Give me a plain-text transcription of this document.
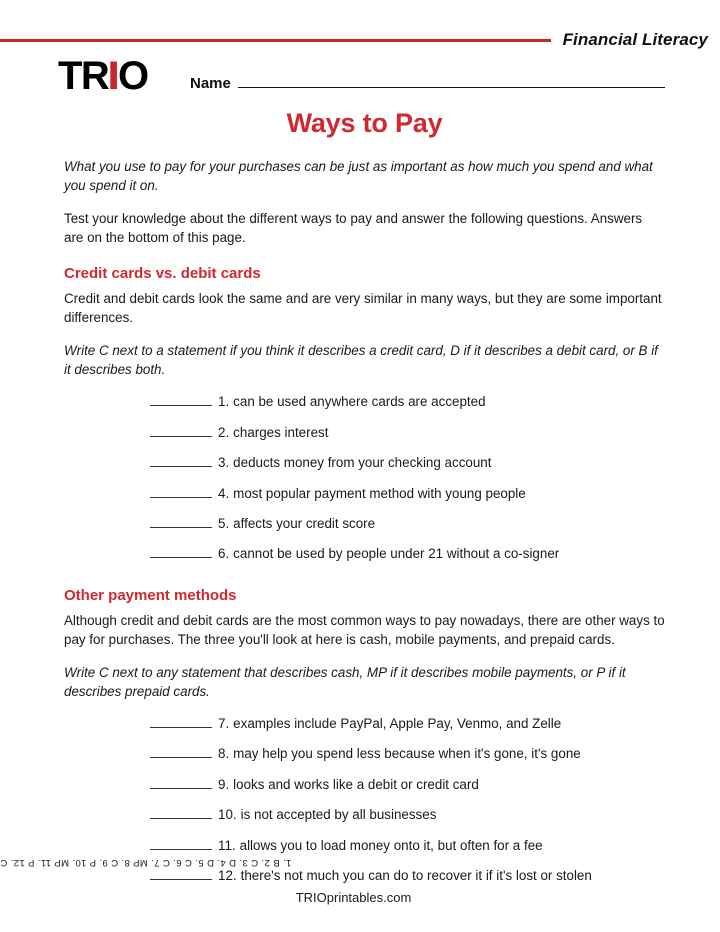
Financial Literacy
TRIO	Name
Ways to Pay

What you use to pay for your purchases can be just as important as how much you spend and what you spend it on.

Test your knowledge about the different ways to pay and answer the following questions. Answers are on the bottom of this page.

Credit cards vs. debit cards

Credit and debit cards look the same and are very similar in many ways, but they are some important differences.

Write C next to a statement if you think it describes a credit card, D if it describes a debit card, or B if it describes both.

1. can be used anywhere cards are accepted
2. charges interest
3. deducts money from your checking account
4. most popular payment method with young people
5. affects your credit score
6. cannot be used by people under 21 without a co-signer
Other payment methods

Although credit and debit cards are the most common ways to pay nowadays, there are other ways to pay for purchases. The three you'll look at here is cash, mobile payments, and prepaid cards.

Write C next to any statement that describes cash, MP if it describes mobile payments, or P if it describes prepaid cards.

7. examples include PayPal, Apple Pay, Venmo, and Zelle
8. may help you spend less because when it's gone, it's gone
9. looks and works like a debit or credit card
10. is not accepted by all businesses
11. allows you to load money onto it, but often for a fee
12. there's not much you can do to recover it if it's lost or stolen
1. B 2. C 3. D 4. D 5. C 6. C 7. MP 8. C 9. P 10. MP 11. P 12. C
TRIOprintables.com
